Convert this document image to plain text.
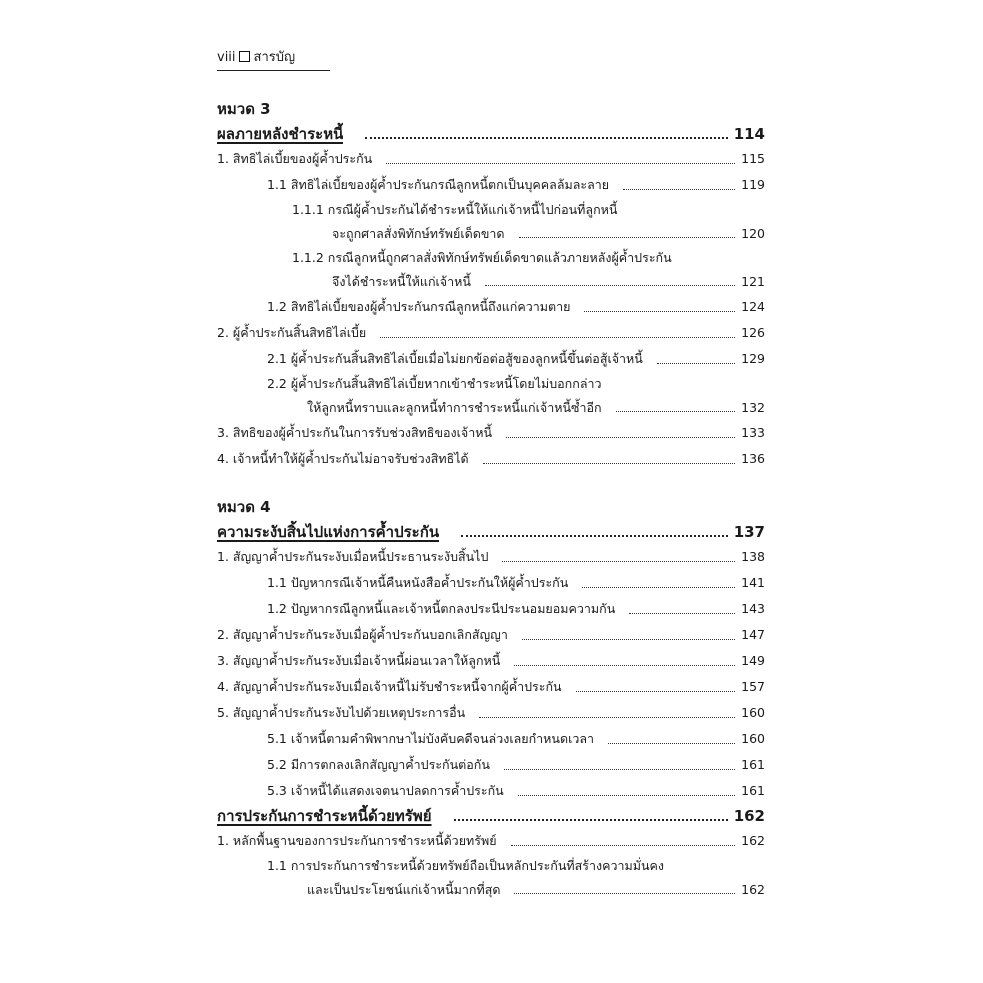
viii สารบัญ
หมวด 3
ผลภายหลังชำระหนี้	114
1. สิทธิไล่เบี้ยของผู้ค้ำประกัน	115
1.1 สิทธิไล่เบี้ยของผู้ค้ำประกันกรณีลูกหนี้ตกเป็นบุคคลล้มละลาย	119
1.1.1 กรณีผู้ค้ำประกันได้ชำระหนี้ให้แก่เจ้าหนี้ไปก่อนที่ลูกหนี้
จะถูกศาลสั่งพิทักษ์ทรัพย์เด็ดขาด	120
1.1.2 กรณีลูกหนี้ถูกศาลสั่งพิทักษ์ทรัพย์เด็ดขาดแล้วภายหลังผู้ค้ำประกัน
จึงได้ชำระหนี้ให้แก่เจ้าหนี้	121
1.2 สิทธิไล่เบี้ยของผู้ค้ำประกันกรณีลูกหนี้ถึงแก่ความตาย	124
2. ผู้ค้ำประกันสิ้นสิทธิไล่เบี้ย	126
2.1 ผู้ค้ำประกันสิ้นสิทธิไล่เบี้ยเมื่อไม่ยกข้อต่อสู้ของลูกหนี้ขึ้นต่อสู้เจ้าหนี้	129
2.2 ผู้ค้ำประกันสิ้นสิทธิไล่เบี้ยหากเข้าชำระหนี้โดยไม่บอกกล่าว
ให้ลูกหนี้ทราบและลูกหนี้ทำการชำระหนี้แก่เจ้าหนี้ซ้ำอีก	132
3. สิทธิของผู้ค้ำประกันในการรับช่วงสิทธิของเจ้าหนี้	133
4. เจ้าหนี้ทำให้ผู้ค้ำประกันไม่อาจรับช่วงสิทธิได้	136
หมวด 4
ความระงับสิ้นไปแห่งการค้ำประกัน	137
1. สัญญาค้ำประกันระงับเมื่อหนี้ประธานระงับสิ้นไป	138
1.1 ปัญหากรณีเจ้าหนี้คืนหนังสือค้ำประกันให้ผู้ค้ำประกัน	141
1.2 ปัญหากรณีลูกหนี้และเจ้าหนี้ตกลงประนีประนอมยอมความกัน	143
2. สัญญาค้ำประกันระงับเมื่อผู้ค้ำประกันบอกเลิกสัญญา	147
3. สัญญาค้ำประกันระงับเมื่อเจ้าหนี้ผ่อนเวลาให้ลูกหนี้	149
4. สัญญาค้ำประกันระงับเมื่อเจ้าหนี้ไม่รับชำระหนี้จากผู้ค้ำประกัน	157
5. สัญญาค้ำประกันระงับไปด้วยเหตุประการอื่น	160
5.1 เจ้าหนี้ตามคำพิพากษาไม่บังคับคดีจนล่วงเลยกำหนดเวลา	160
5.2 มีการตกลงเลิกสัญญาค้ำประกันต่อกัน	161
5.3 เจ้าหนี้ได้แสดงเจตนาปลดการค้ำประกัน	161
การประกันการชำระหนี้ด้วยทรัพย์	162
1. หลักพื้นฐานของการประกันการชำระหนี้ด้วยทรัพย์	162
1.1 การประกันการชำระหนี้ด้วยทรัพย์ถือเป็นหลักประกันที่สร้างความมั่นคง
และเป็นประโยชน์แก่เจ้าหนี้มากที่สุด	162
